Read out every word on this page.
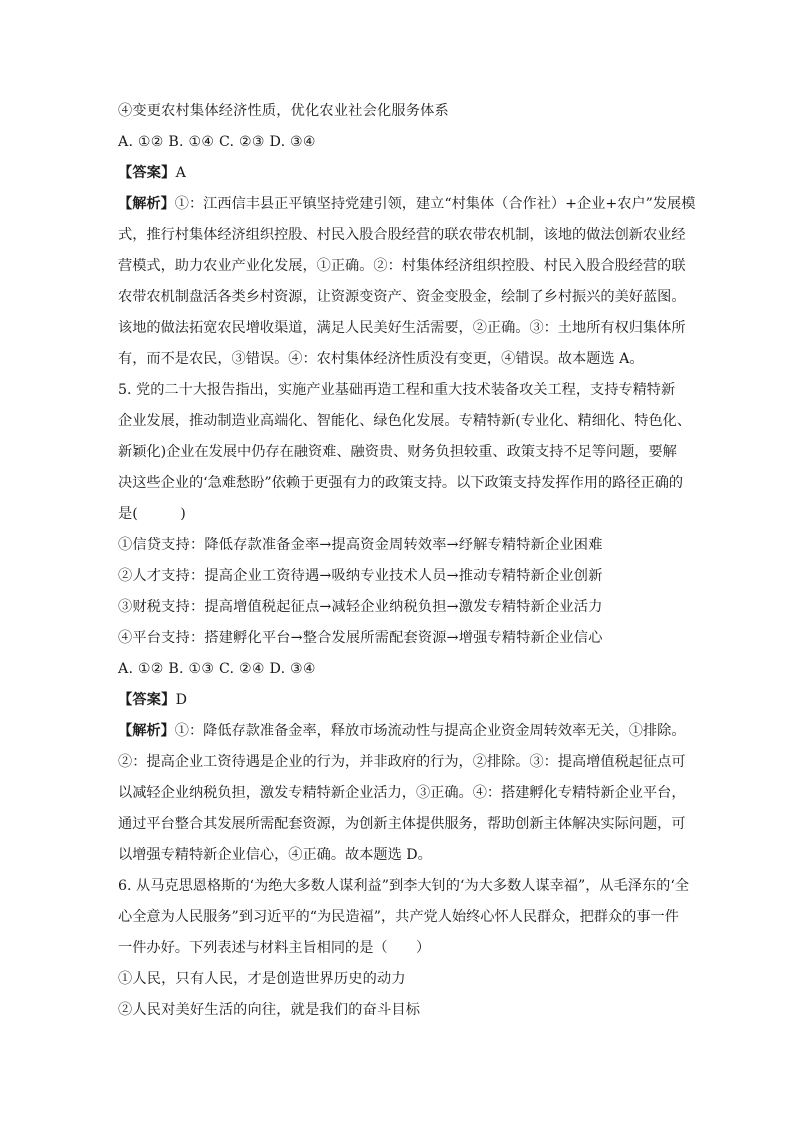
④变更农村集体经济性质，优化农业社会化服务体系
A. ①② B. ①④ C. ②③ D. ③④
【答案】A
【解析】①：江西信丰县正平镇坚持党建引领，建立“村集体（合作社）+企业+农户”发展模
式，推行村集体经济组织控股、村民入股合股经营的联农带农机制，该地的做法创新农业经
营模式，助力农业产业化发展，①正确。②：村集体经济组织控股、村民入股合股经营的联
农带农机制盘活各类乡村资源，让资源变资产、资金变股金，绘制了乡村振兴的美好蓝图。
该地的做法拓宽农民增收渠道，满足人民美好生活需要，②正确。③：土地所有权归集体所
有，而不是农民，③错误。④：农村集体经济性质没有变更，④错误。故本题选 A。
5. 党的二十大报告指出，实施产业基础再造工程和重大技术装备攻关工程，支持专精特新
企业发展，推动制造业高端化、智能化、绿色化发展。专精特新(专业化、精细化、特色化、
新颖化)企业在发展中仍存在融资难、融资贵、财务负担较重、政策支持不足等问题，要解
决这些企业的‘急难愁盼”依赖于更强有力的政策支持。以下政策支持发挥作用的路径正确的
是(　　　)
①信贷支持：降低存款准备金率→提高资金周转效率→纾解专精特新企业困难
②人才支持：提高企业工资待遇→吸纳专业技术人员→推动专精特新企业创新
③财税支持：提高增值税起征点→减轻企业纳税负担→激发专精特新企业活力
④平台支持：搭建孵化平台→整合发展所需配套资源→增强专精特新企业信心
A. ①② B. ①③ C. ②④ D. ③④
【答案】D
【解析】①：降低存款准备金率，释放市场流动性与提高企业资金周转效率无关，①排除。
②：提高企业工资待遇是企业的行为，并非政府的行为，②排除。③：提高增值税起征点可
以减轻企业纳税负担，激发专精特新企业活力，③正确。④：搭建孵化专精特新企业平台，
通过平台整合其发展所需配套资源，为创新主体提供服务，帮助创新主体解决实际问题，可
以增强专精特新企业信心，④正确。故本题选 D。
6. 从马克思恩格斯的‘为绝大多数人谋利益”到李大钊的‘为大多数人谋幸福”，从毛泽东的‘全
心全意为人民服务”到习近平的“为民造福”，共产党人始终心怀人民群众，把群众的事一件
一件办好。下列表述与材料主旨相同的是（　　）
①人民，只有人民，才是创造世界历史的动力
②人民对美好生活的向往，就是我们的奋斗目标
